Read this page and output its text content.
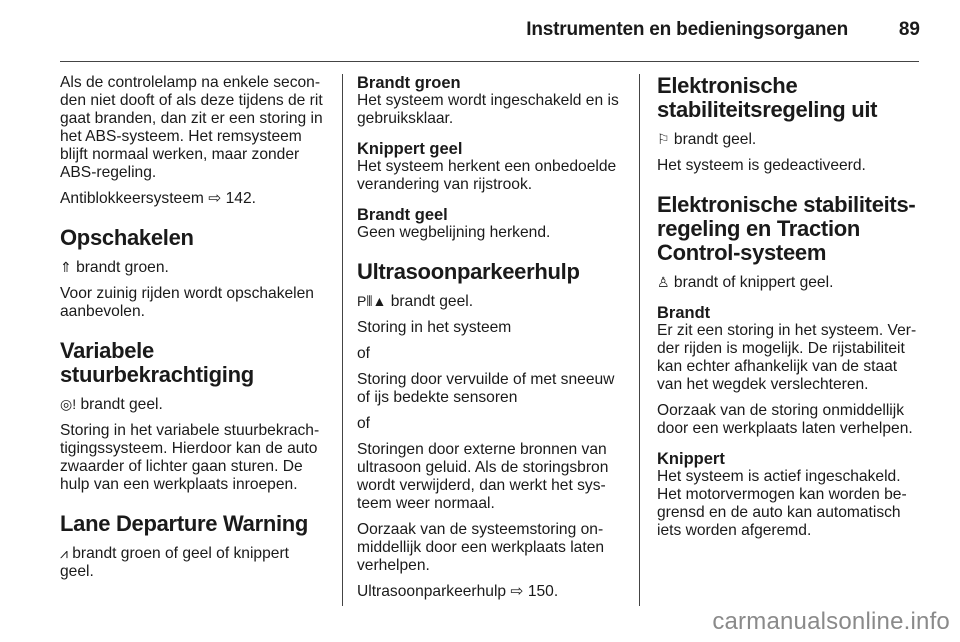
Instrumenten en bedieningsorganen	89

Als de controlelamp na enkele seconden niet dooft of als deze tijdens de rit gaat branden, dan zit er een storing in het ABS-systeem. Het remsysteem blijft normaal werken, maar zonder ABS-regeling.

Antiblokkeersysteem ⇨ 142.

Opschakelen

⇑ brandt groen.

Voor zuinig rijden wordt opschakelen aanbevolen.

Variabele stuurbekrachtiging

◎! brandt geel.

Storing in het variabele stuurbekrachtigingssysteem. Hierdoor kan de auto zwaarder of lichter gaan sturen. De hulp van een werkplaats inroepen.

Lane Departure Warning

⩘ brandt groen of geel of knippert geel.

Brandt groen

Het systeem wordt ingeschakeld en is gebruiksklaar.

Knippert geel

Het systeem herkent een onbedoelde verandering van rijstrook.

Brandt geel

Geen wegbelijning herkend.

Ultrasoonparkeerhulp

P⦀▲ brandt geel.

Storing in het systeem

of

Storing door vervuilde of met sneeuw of ijs bedekte sensoren

of

Storingen door externe bronnen van ultrasoon geluid. Als de storingsbron wordt verwijderd, dan werkt het systeem weer normaal.

Oorzaak van de systeemstoring onmiddellijk door een werkplaats laten verhelpen.

Ultrasoonparkeerhulp ⇨ 150.

Elektronische stabiliteitsregeling uit

⚐ brandt geel.

Het systeem is gedeactiveerd.

Elektronische stabiliteitsregeling en Traction Control-systeem

♙ brandt of knippert geel.

Brandt

Er zit een storing in het systeem. Verder rijden is mogelijk. De rijstabiliteit kan echter afhankelijk van de staat van het wegdek verslechteren.

Oorzaak van de storing onmiddellijk door een werkplaats laten verhelpen.

Knippert

Het systeem is actief ingeschakeld. Het motorvermogen kan worden begrensd en de auto kan automatisch iets worden afgeremd.

carmanualsonline.info
